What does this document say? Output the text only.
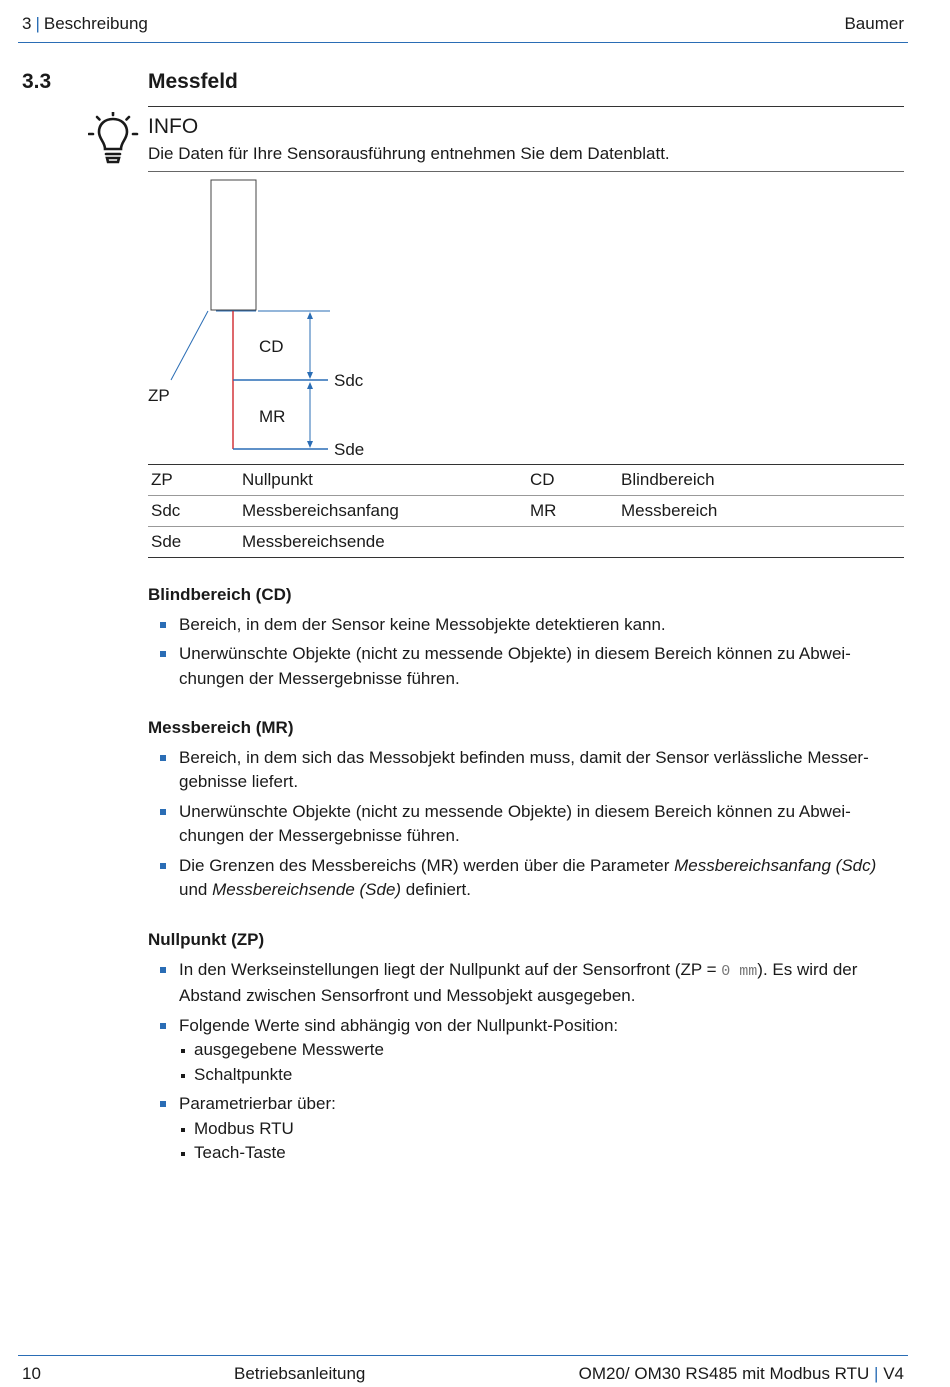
3 | Beschreibung	Baumer
3.3	Messfeld
INFO
Die Daten für Ihre Sensorausführung entnehmen Sie dem Datenblatt.
CD
ZP
Sdc
MR
Sde
ZP	Nullpunkt	CD	Blindbereich
Sdc	Messbereichsanfang	MR	Messbereich
Sde	Messbereichsende		
Blindbereich (CD)
Bereich, in dem der Sensor keine Messobjekte detektieren kann.
Unerwünschte Objekte (nicht zu messende Objekte) in diesem Bereich können zu Abwei-chungen der Messergebnisse führen.
Messbereich (MR)
Bereich, in dem sich das Messobjekt befinden muss, damit der Sensor verlässliche Messer-gebnisse liefert.
Unerwünschte Objekte (nicht zu messende Objekte) in diesem Bereich können zu Abwei-chungen der Messergebnisse führen.
Die Grenzen des Messbereichs (MR) werden über die Parameter Messbereichsanfang (Sdc) und Messbereichsende (Sde) definiert.
Nullpunkt (ZP)
In den Werkseinstellungen liegt der Nullpunkt auf der Sensorfront (ZP = 0 mm). Es wird der Abstand zwischen Sensorfront und Messobjekt ausgegeben.
Folgende Werte sind abhängig von der Nullpunkt-Position:
ausgegebene Messwerte
Schaltpunkte
Parametrierbar über:
Modbus RTU
Teach-Taste
10	Betriebsanleitung	OM20/ OM30 RS485 mit Modbus RTU | V4
